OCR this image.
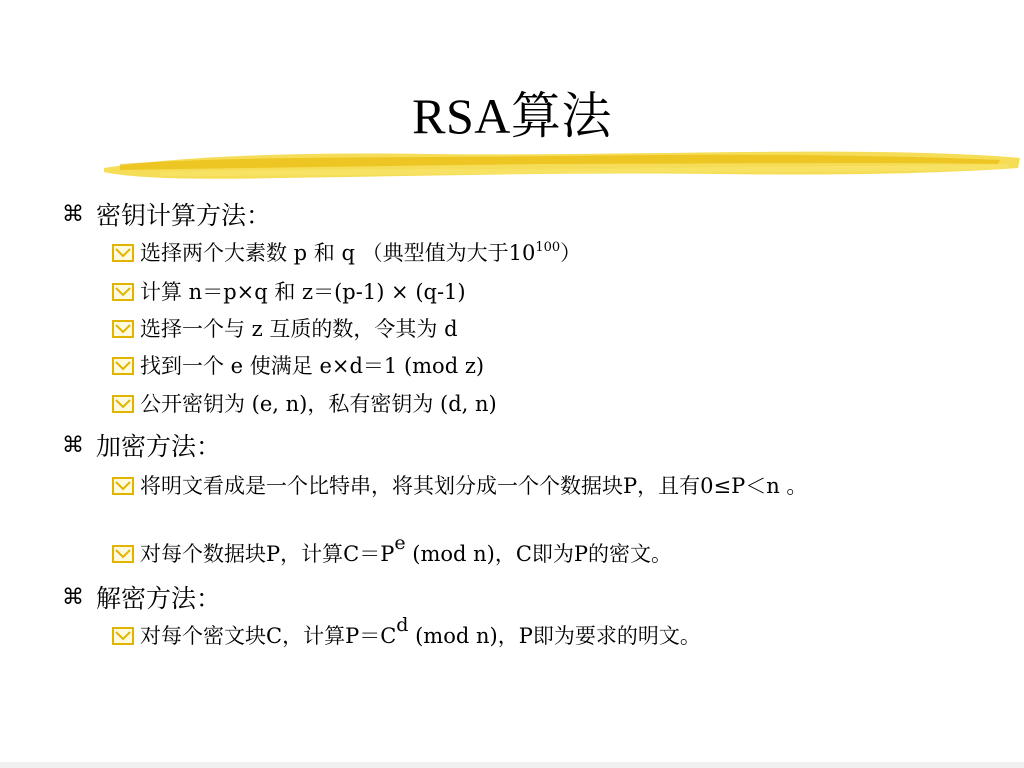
RSA算法
⌘ 密钥计算方法：
选择两个大素数 p 和 q （典型值为大于$10^{100}$）
计算 n＝p×q 和 z＝(p-1) × (q-1)
选择一个与 z 互质的数，令其为 d
找到一个 e 使满足 e×d＝1 (mod z)
公开密钥为 (e, n)，私有密钥为 (d, n)
⌘ 加密方法：
将明文看成是一个比特串，将其划分成一个个数据块P，且有0≤P＜n 。
对每个数据块P，计算$C=P^e$ (mod n)，C即为P的密文。
⌘ 解密方法：
对每个密文块C，计算$P=C^d$ (mod n)，P即为要求的明文。
